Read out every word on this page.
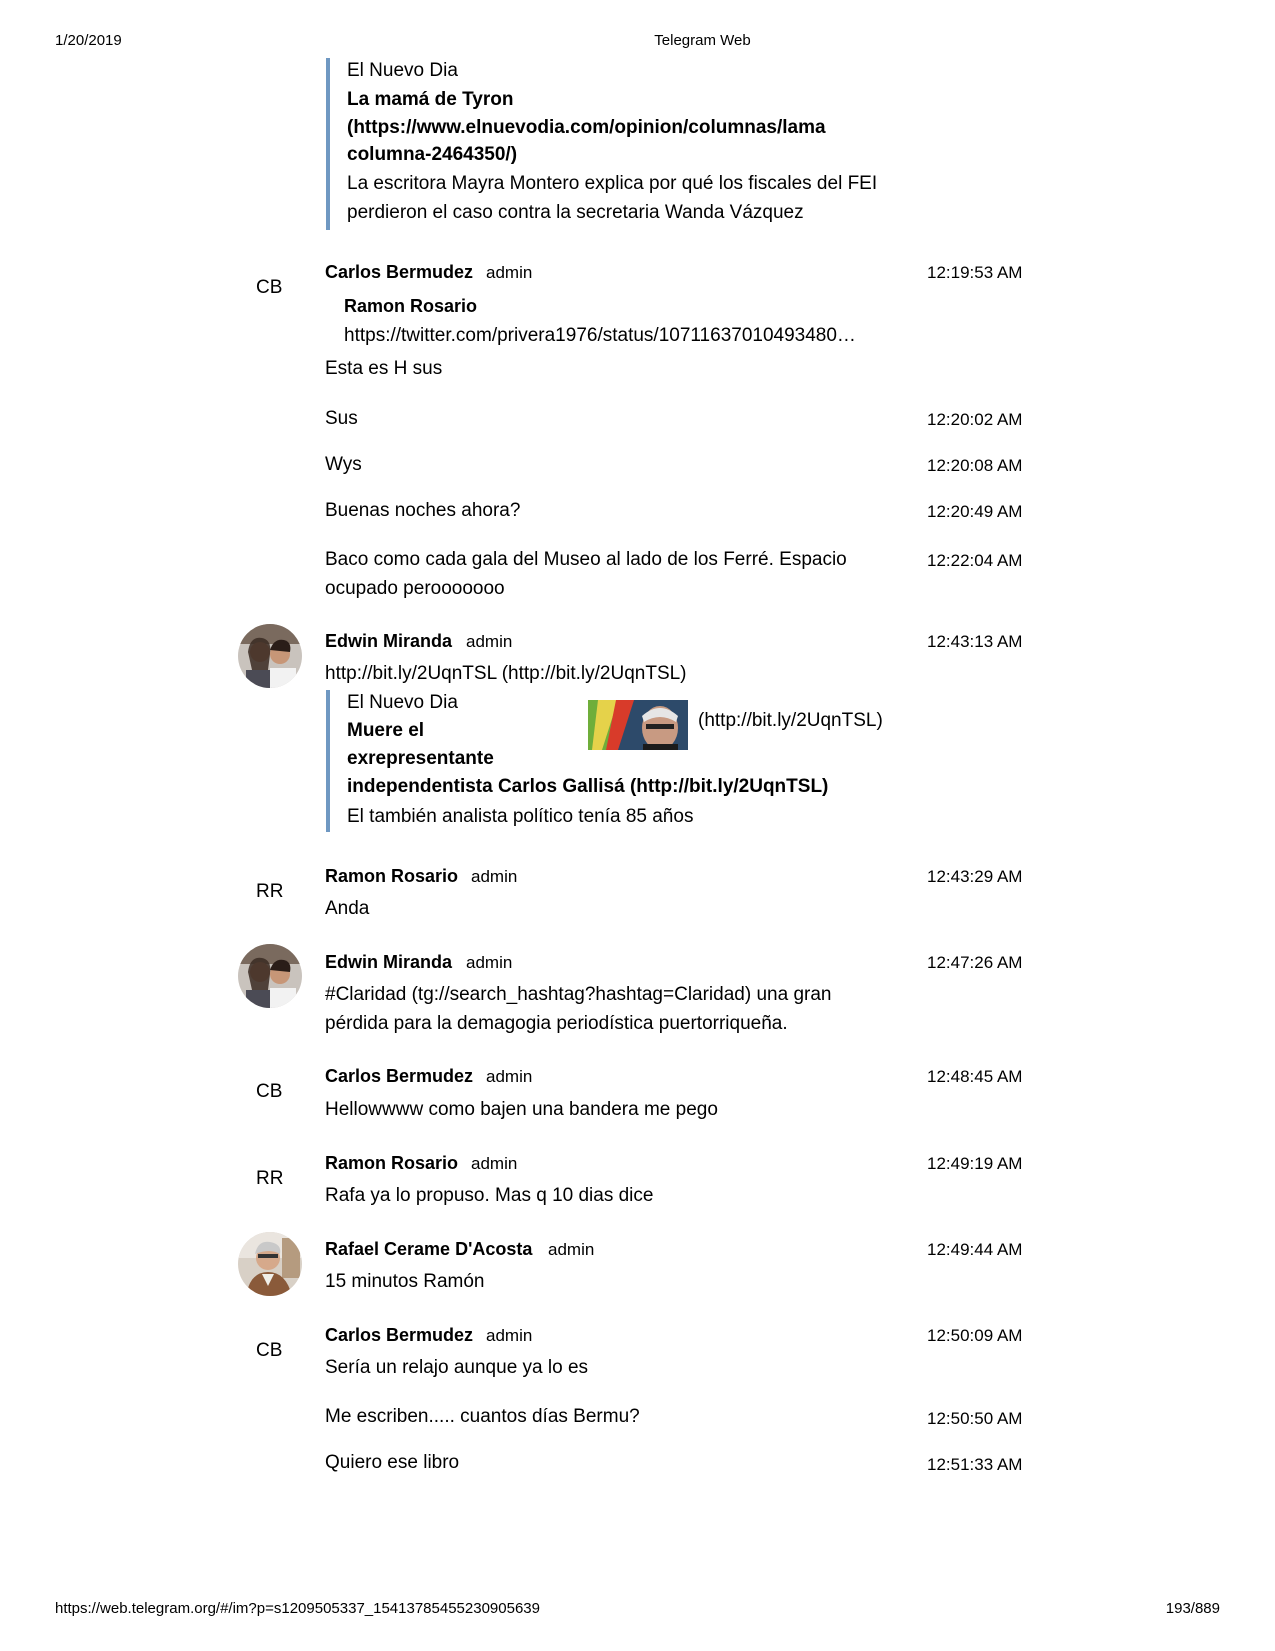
1/20/2019	Telegram Web
https://web.telegram.org/#/im?p=s1209505337_15413785455230905639	193/889
El Nuevo Dia
La mamá de Tyron
(https://www.elnuevodia.com/opinion/columnas/lama
columna-2464350/)
La escritora Mayra Montero explica por qué los fiscales del FEI
perdieron el caso contra la secretaria Wanda Vázquez
CB
Carlos Bermudez admin	12:19:53 AM
Ramon Rosario
https://twitter.com/privera1976/status/10711637010493480…
Esta es H sus
Sus	12:20:02 AM
Wys	12:20:08 AM
Buenas noches ahora?	12:20:49 AM
Baco como cada gala del Museo al lado de los Ferré. Espacio
ocupado perooooooo
12:22:04 AM
Edwin Miranda admin	12:43:13 AM
http://bit.ly/2UqnTSL (http://bit.ly/2UqnTSL)
El Nuevo Dia
Muere el
exrepresentante
independentista Carlos Gallisá (http://bit.ly/2UqnTSL)
(http://bit.ly/2UqnTSL)
El también analista político tenía 85 años
RR
Ramon Rosario admin	12:43:29 AM
Anda
Edwin Miranda admin	12:47:26 AM
#Claridad (tg://search_hashtag?hashtag=Claridad) una gran
pérdida para la demagogia periodística puertorriqueña.
CB
Carlos Bermudez admin	12:48:45 AM
Hellowwww como bajen una bandera me pego
RR
Ramon Rosario admin	12:49:19 AM
Rafa ya lo propuso. Mas q 10 dias dice
Rafael Cerame D'Acosta admin	12:49:44 AM
15 minutos Ramón
CB
Carlos Bermudez admin	12:50:09 AM
Sería un relajo aunque ya lo es
Me escriben..... cuantos días Bermu?	12:50:50 AM
Quiero ese libro	12:51:33 AM
